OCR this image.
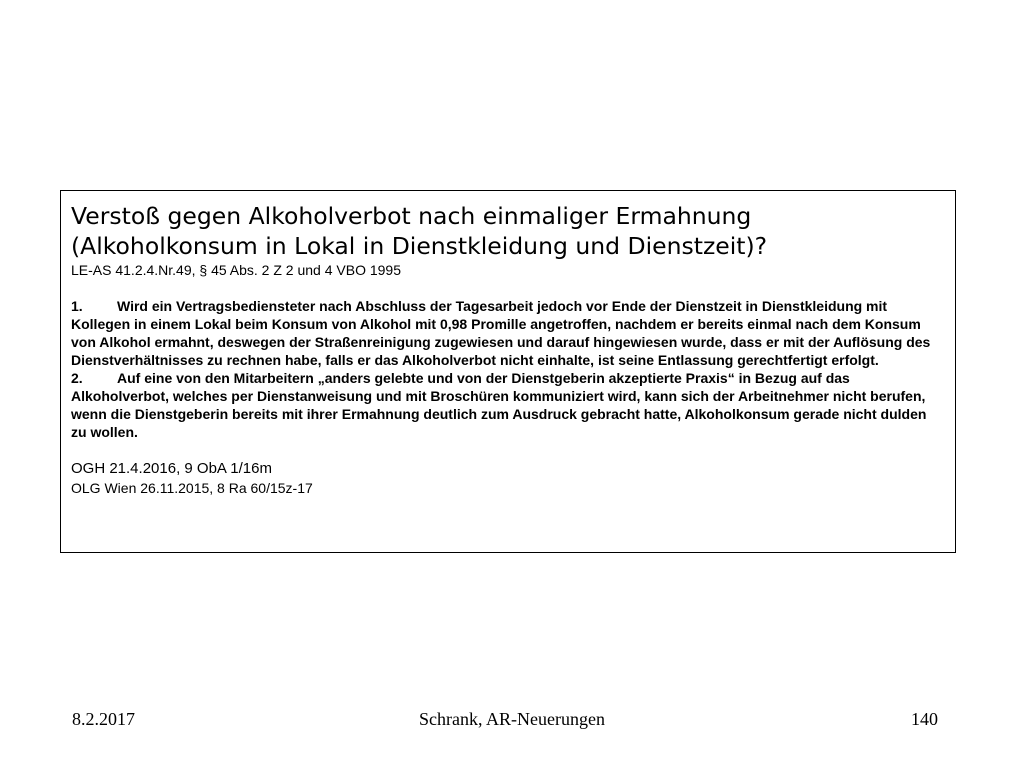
Verstoß gegen Alkoholverbot nach einmaliger Ermahnung

(Alkoholkonsum in Lokal in Dienstkleidung und Dienstzeit)?

LE-AS 41.2.4.Nr.49, § 45 Abs. 2 Z 2 und 4 VBO 1995

1. Wird ein Vertragsbediensteter nach Abschluss der Tagesarbeit jedoch vor Ende der Dienstzeit in Dienstkleidung mit Kollegen in einem Lokal beim Konsum von Alkohol mit 0,98 Promille angetroffen, nachdem er bereits einmal nach dem Konsum von Alkohol ermahnt, deswegen der Straßenreinigung zugewiesen und darauf hingewiesen wurde, dass er mit der Auflösung des Dienstverhältnisses zu rechnen habe, falls er das Alkoholverbot nicht einhalte, ist seine Entlassung gerechtfertigt erfolgt.

2. Auf eine von den Mitarbeitern „anders gelebte und von der Dienstgeberin akzeptierte Praxis“ in Bezug auf das Alkoholverbot, welches per Dienstanweisung und mit Broschüren kommuniziert wird, kann sich der Arbeitnehmer nicht berufen, wenn die Dienstgeberin bereits mit ihrer Ermahnung deutlich zum Ausdruck gebracht hatte, Alkoholkonsum gerade nicht dulden zu wollen.

OGH 21.4.2016, 9 ObA 1/16m

OLG Wien 26.11.2015, 8 Ra 60/15z-17

8.2.2017	Schrank, AR-Neuerungen	140
